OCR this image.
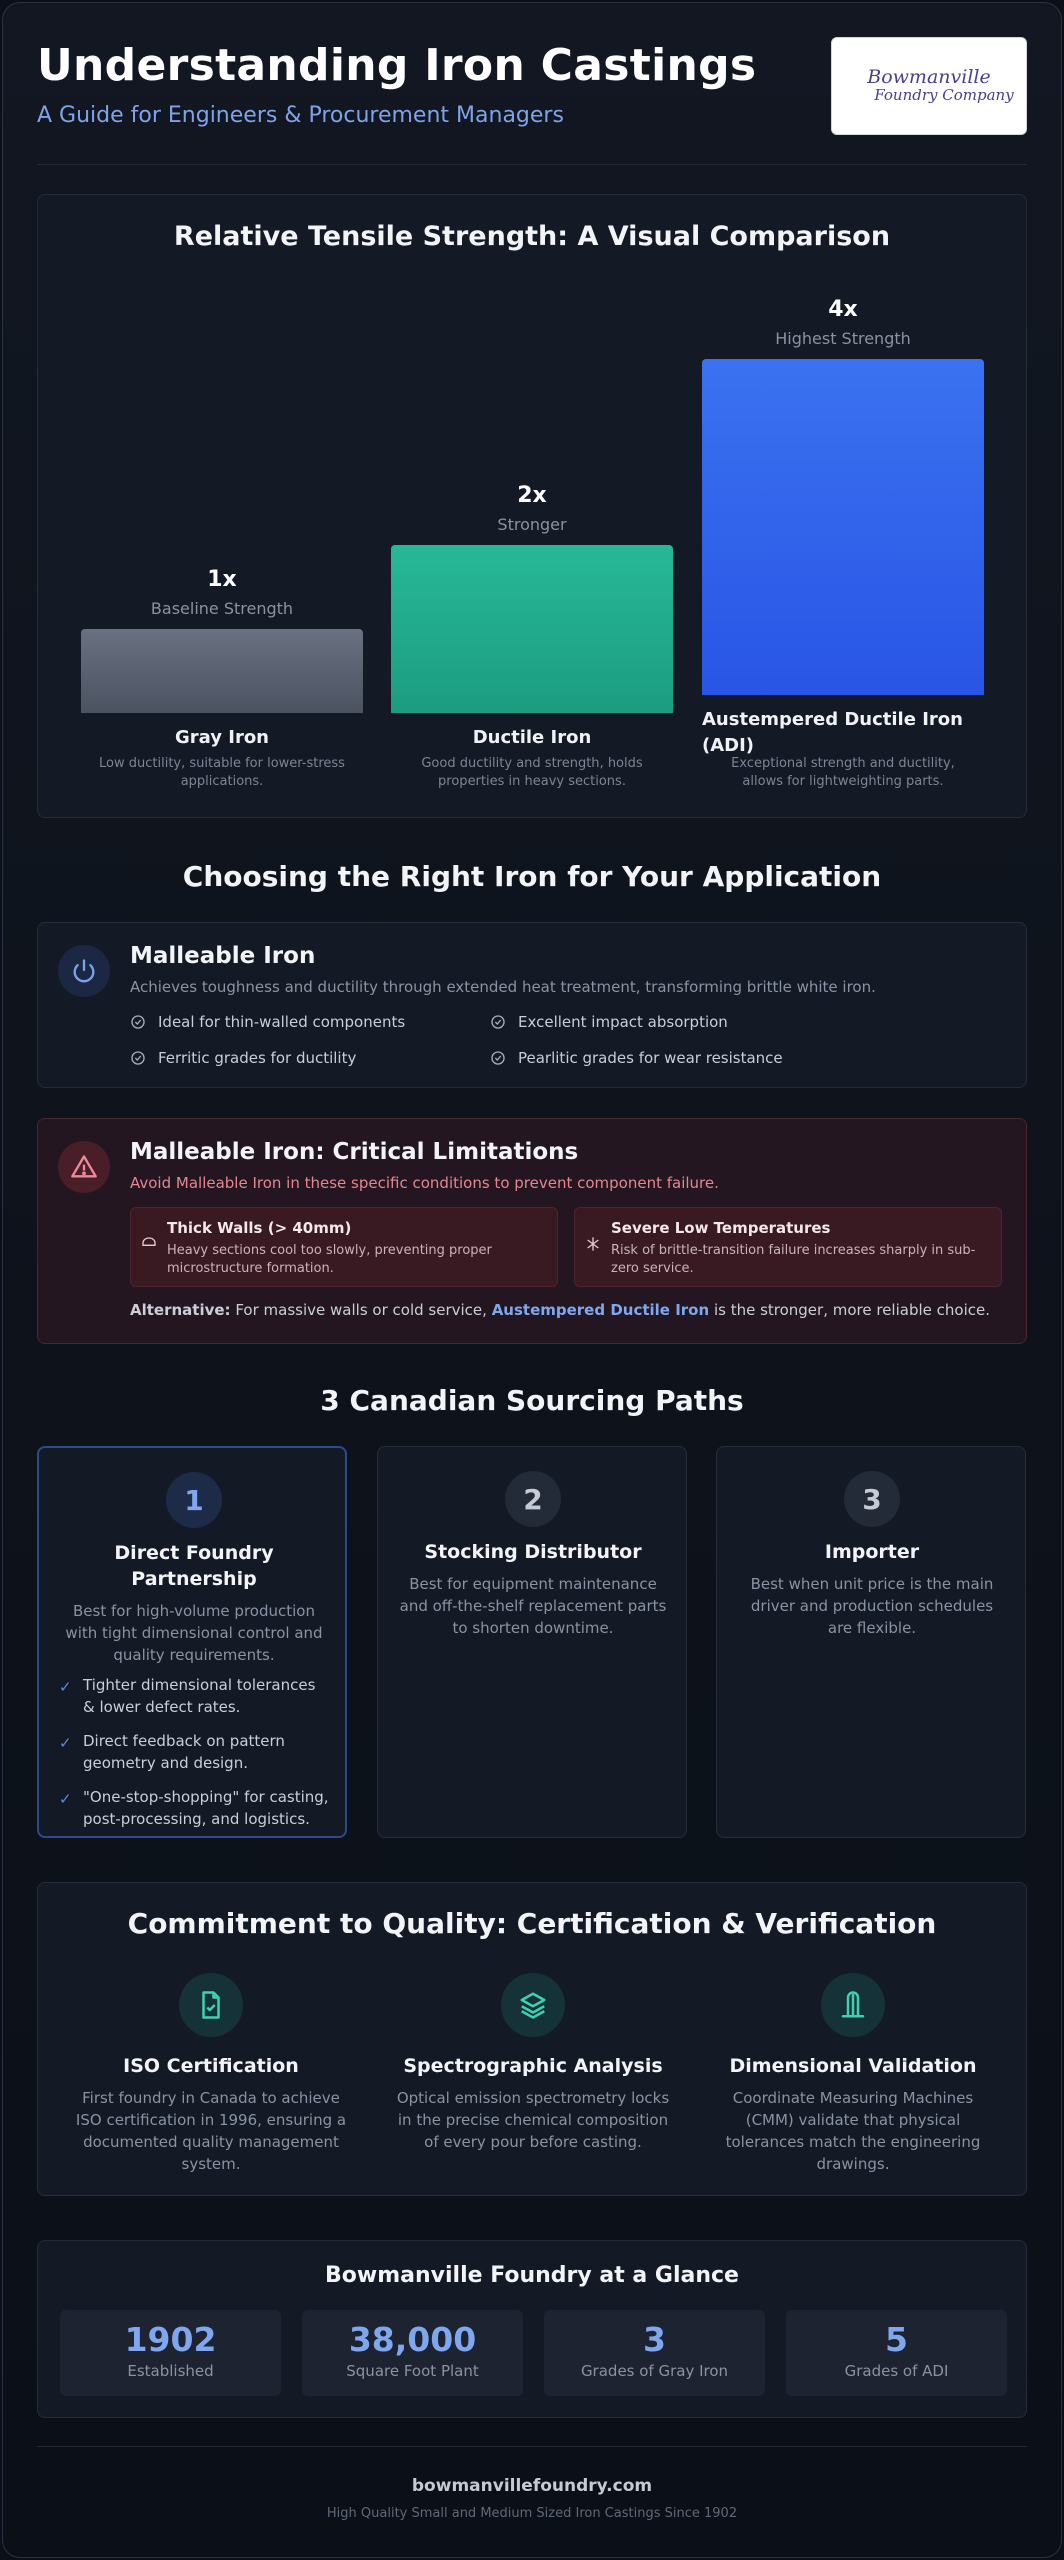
Understanding Iron Castings
A Guide for Engineers & Procurement Managers
Bowmanville
Foundry Company
Relative Tensile Strength: A Visual Comparison
1x
Baseline Strength
Gray Iron
Low ductility, suitable for lower-stress applications.
2x
Stronger
Ductile Iron
Good ductility and strength, holds properties in heavy sections.
4x
Highest Strength
Austempered Ductile Iron (ADI)
Exceptional strength and ductility, allows for lightweighting parts.
Choosing the Right Iron for Your Application
Malleable Iron
Achieves toughness and ductility through extended heat treatment, transforming brittle white iron.
Ideal for thin-walled components	Excellent impact absorption
Ferritic grades for ductility	Pearlitic grades for wear resistance
Malleable Iron: Critical Limitations
Avoid Malleable Iron in these specific conditions to prevent component failure.
Thick Walls (> 40mm)
Heavy sections cool too slowly, preventing proper microstructure formation.
Severe Low Temperatures
Risk of brittle-transition failure increases sharply in sub-zero service.
Alternative: For massive walls or cold service, Austempered Ductile Iron is the stronger, more reliable choice.
3 Canadian Sourcing Paths
1
Direct Foundry Partnership
Best for high-volume production with tight dimensional control and quality requirements.
✓ Tighter dimensional tolerances & lower defect rates.
✓ Direct feedback on pattern geometry and design.
✓ "One-stop-shopping" for casting, post-processing, and logistics.
2
Stocking Distributor
Best for equipment maintenance and off-the-shelf replacement parts to shorten downtime.
3
Importer
Best when unit price is the main driver and production schedules are flexible.
Commitment to Quality: Certification & Verification
ISO Certification
First foundry in Canada to achieve ISO certification in 1996, ensuring a documented quality management system.
Spectrographic Analysis
Optical emission spectrometry locks in the precise chemical composition of every pour before casting.
Dimensional Validation
Coordinate Measuring Machines (CMM) validate that physical tolerances match the engineering drawings.
Bowmanville Foundry at a Glance
1902
Established
38,000
Square Foot Plant
3
Grades of Gray Iron
5
Grades of ADI
bowmanvillefoundry.com
High Quality Small and Medium Sized Iron Castings Since 1902
